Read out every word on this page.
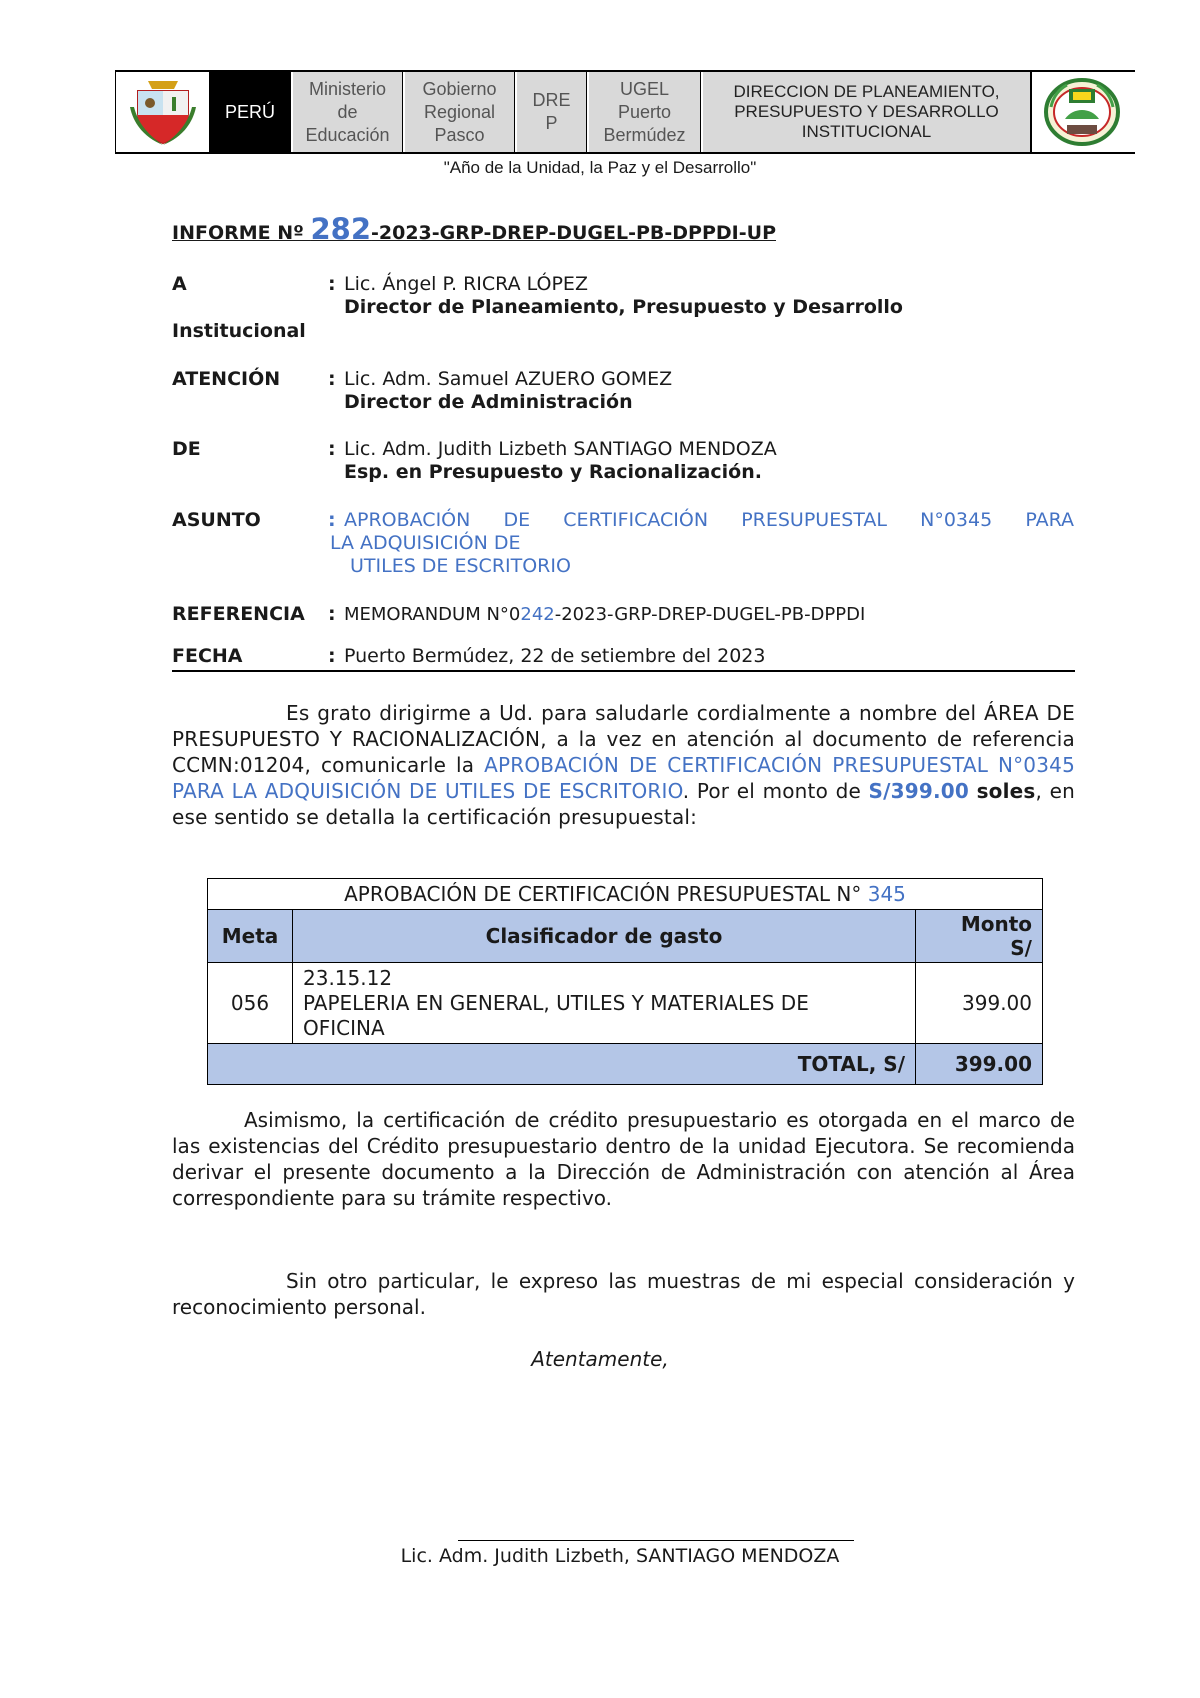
PERÚ
Ministerio
de
Educación
Gobierno
Regional
Pasco
DRE
P
UGEL
Puerto
Bermúdez
DIRECCION DE PLANEAMIENTO,
PRESUPUESTO Y DESARROLLO
INSTITUCIONAL
"Año de la Unidad, la Paz y el Desarrollo"
INFORME Nº 282-2023-GRP-DREP-DUGEL-PB-DPPDI-UP
A	: Lic. Ángel P. RICRA LÓPEZ
Director de Planeamiento, Presupuesto y Desarrollo
Institucional
ATENCIÓN	: Lic. Adm. Samuel AZUERO GOMEZ
Director de Administración
DE	: Lic. Adm. Judith Lizbeth SANTIAGO MENDOZA
Esp. en Presupuesto y Racionalización.
ASUNTO	: APROBACIÓN DE CERTIFICACIÓN PRESUPUESTAL N°0345 PARA
LA ADQUISICIÓN DE
UTILES DE ESCRITORIO
REFERENCIA : MEMORANDUM N°0242-2023-GRP-DREP-DUGEL-PB-DPPDI
FECHA	: Puerto Bermúdez, 22 de setiembre del 2023
Es grato dirigirme a Ud. para saludarle cordialmente a nombre del ÁREA DE PRESUPUESTO Y RACIONALIZACIÓN, a la vez en atención al documento de referencia CCMN:01204, comunicarle la APROBACIÓN DE CERTIFICACIÓN PRESUPUESTAL N°0345 PARA LA ADQUISICIÓN DE UTILES DE ESCRITORIO. Por el monto de S/399.00 soles, en ese sentido se detalla la certificación presupuestal:
APROBACIÓN DE CERTIFICACIÓN PRESUPUESTAL N° 345		
Meta	Clasificador de gasto	Monto
S/
056	23.15.12
PAPELERIA EN GENERAL, UTILES Y MATERIALES DE
OFICINA	399.00
TOTAL, S/		399.00
Asimismo, la certificación de crédito presupuestario es otorgada en el marco de las existencias del Crédito presupuestario dentro de la unidad Ejecutora. Se recomienda derivar el presente documento a la Dirección de Administración con atención al Área correspondiente para su trámite respectivo.
Sin otro particular, le expreso las muestras de mi especial consideración y reconocimiento personal.
Atentamente,
Lic. Adm. Judith Lizbeth, SANTIAGO MENDOZA
